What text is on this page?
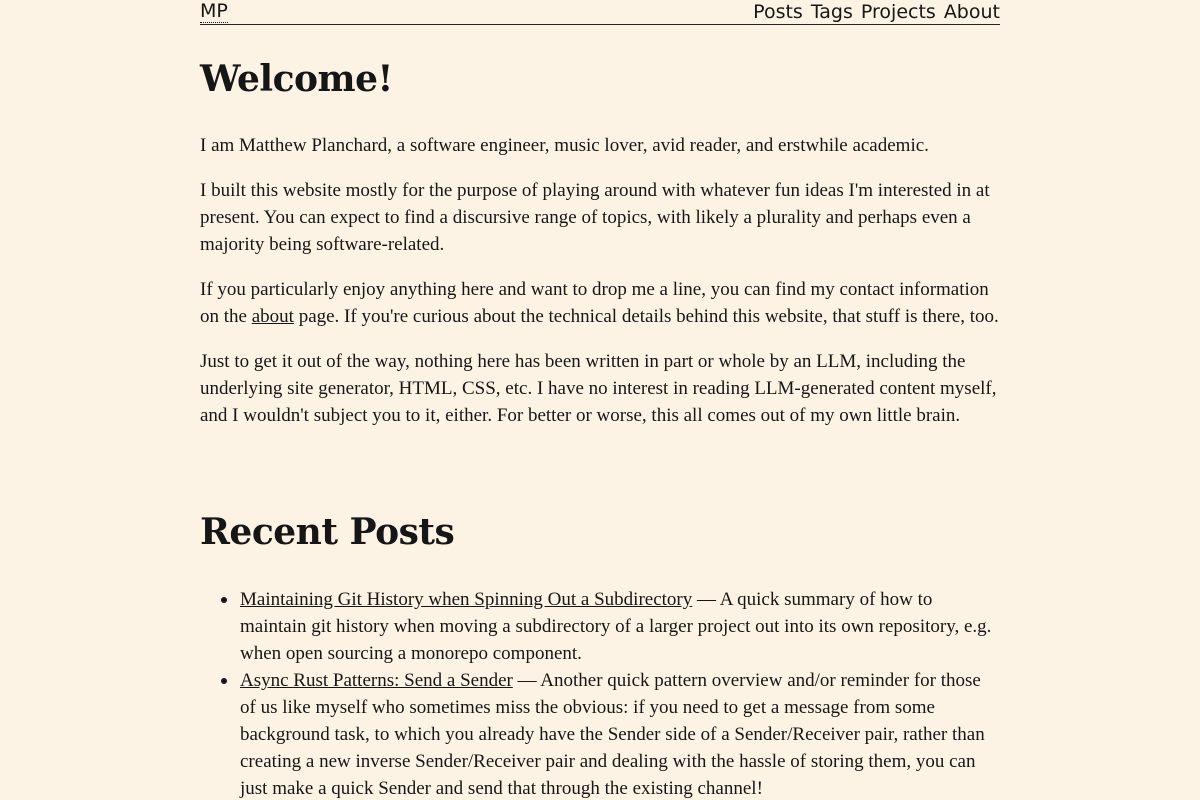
MP	Posts Tags Projects About
Welcome!

I am Matthew Planchard, a software engineer, music lover, avid reader, and erstwhile academic.

I built this website mostly for the purpose of playing around with whatever fun ideas I'm interested in at present. You can expect to find a discursive range of topics, with likely a plurality and perhaps even a majority being software-related.

If you particularly enjoy anything here and want to drop me a line, you can find my contact information on the about page. If you're curious about the technical details behind this website, that stuff is there, too.

Just to get it out of the way, nothing here has been written in part or whole by an LLM, including the underlying site generator, HTML, CSS, etc. I have no interest in reading LLM-generated content myself, and I wouldn't subject you to it, either. For better or worse, this all comes out of my own little brain.

Recent Posts
Maintaining Git History when Spinning Out a Subdirectory — A quick summary of how to maintain git history when moving a subdirectory of a larger project out into its own repository, e.g. when open sourcing a monorepo component.
Async Rust Patterns: Send a Sender — Another quick pattern overview and/or reminder for those of us like myself who sometimes miss the obvious: if you need to get a message from some background task, to which you already have the Sender side of a Sender/Receiver pair, rather than creating a new inverse Sender/Receiver pair and dealing with the hassle of storing them, you can just make a quick Sender and send that through the existing channel!
